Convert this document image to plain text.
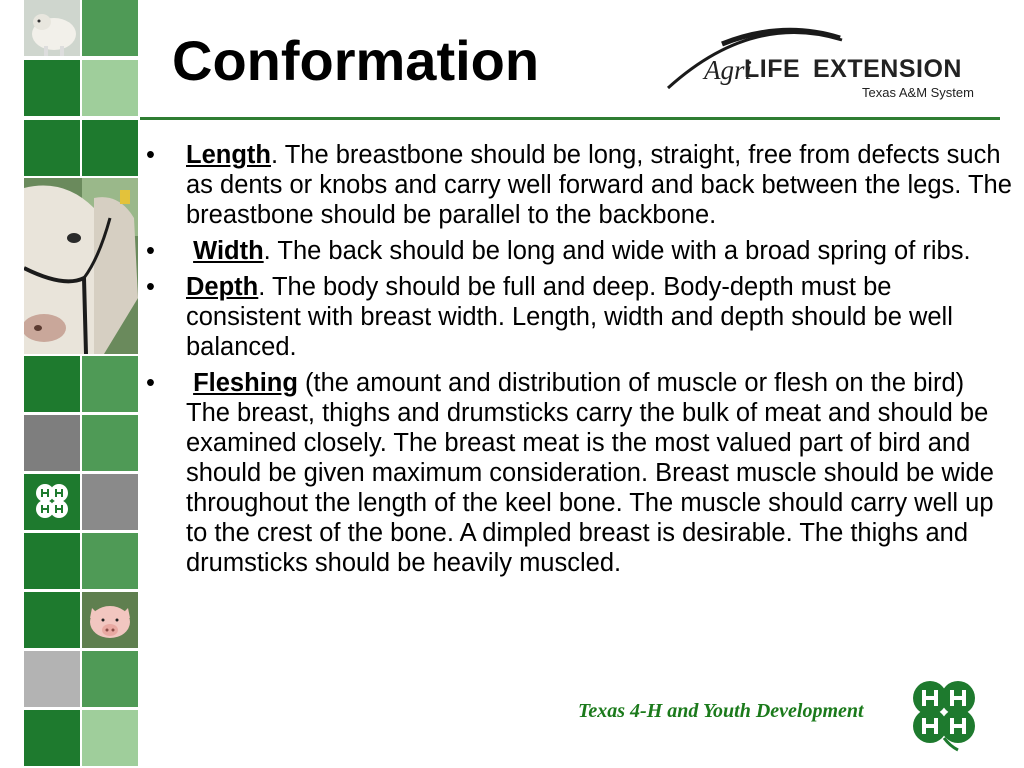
Conformation	Agri
LIFE EXTENSION
Texas A&M System
• Length. The breastbone should be long, straight, free from defects such as dents or knobs and carry well forward and back between the legs. The breastbone should be parallel to the backbone.
• Width. The back should be long and wide with a broad spring of ribs.
• Depth. The body should be full and deep. Body-depth must be consistent with breast width. Length, width and depth should be well balanced.
• Fleshing (the amount and distribution of muscle or flesh on the bird) The breast, thighs and drumsticks carry the bulk of meat and should be examined closely. The breast meat is the most valued part of bird and should be given maximum consideration. Breast muscle should be wide throughout the length of the keel bone. The muscle should carry well up to the crest of the bone. A dimpled breast is desirable. The thighs and drumsticks should be heavily muscled.
Texas 4-H and Youth Development
